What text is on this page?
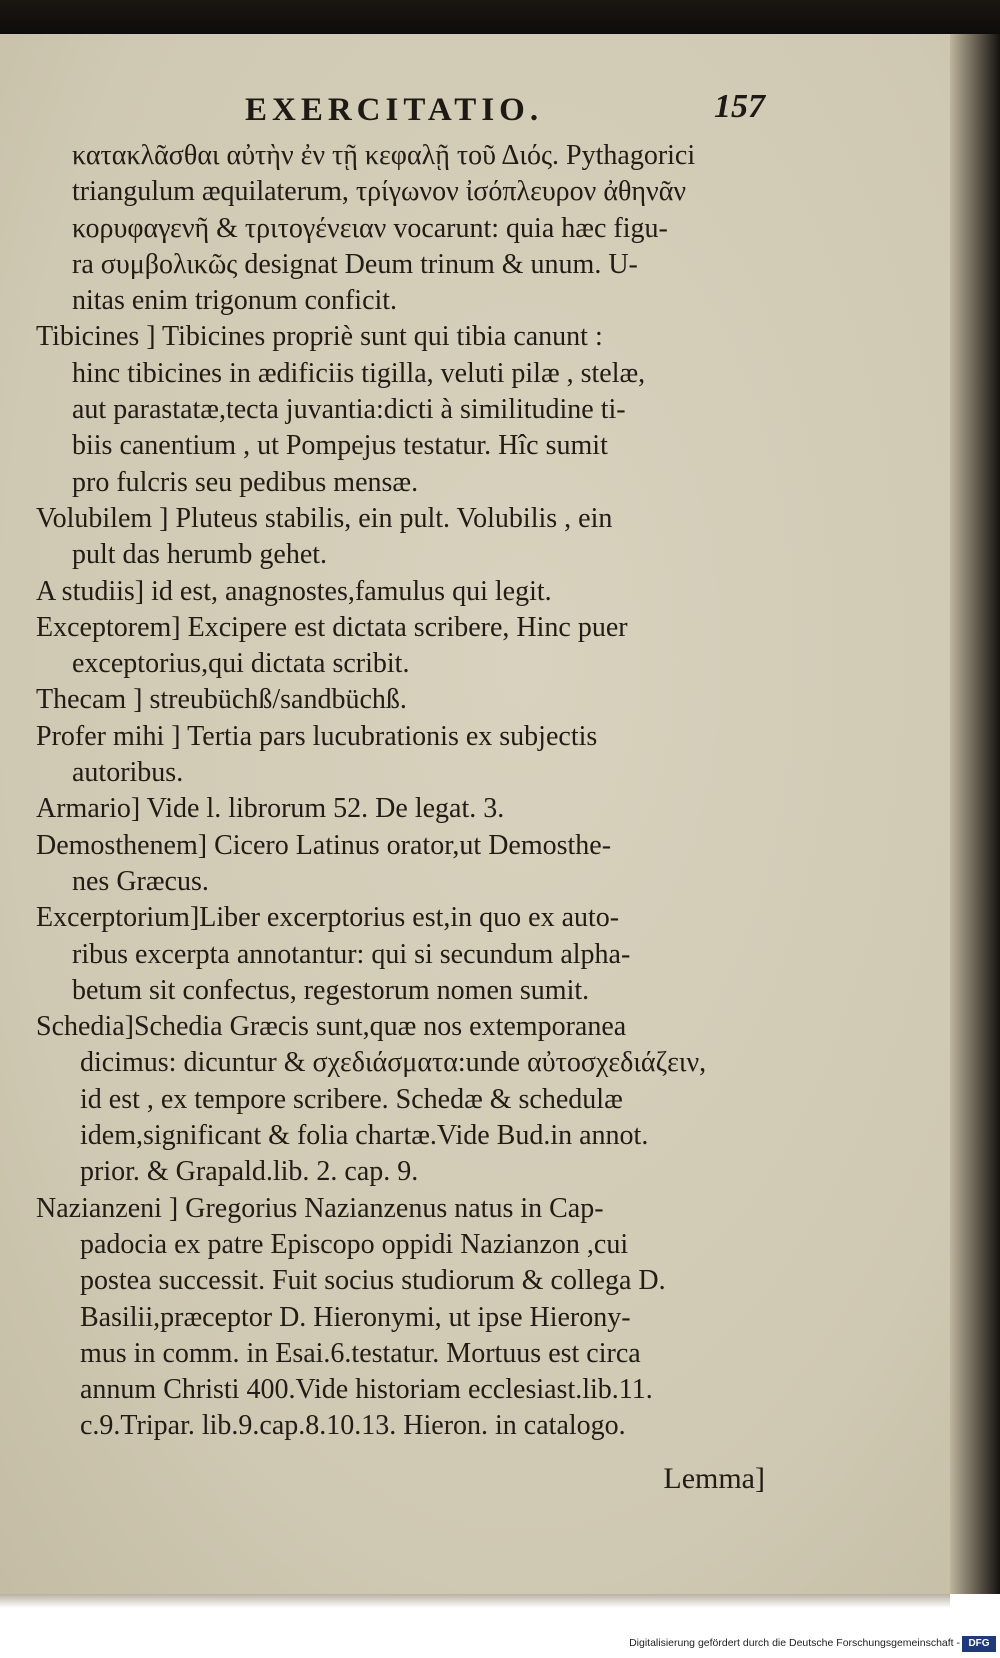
EXERCITATIO.	157
κατακλᾶσθαι αὐτὴν ἐν τῇ κεφαλῇ τοῦ Διός. Pythagorici
triangulum æquilaterum, τρίγωνον ἰσόπλευρον ἀθηνᾶν
κορυφαγενῆ & τριτογένειαν vocarunt: quia hæc figu-
ra συμβολικῶς designat Deum trinum & unum. U-
nitas enim trigonum conficit.
Tibicines ] Tibicines propriè sunt qui tibia canunt :
hinc tibicines in ædificiis tigilla, veluti pilæ , stelæ,
aut parastatæ,tecta juvantia:dicti à similitudine ti-
biis canentium , ut Pompejus testatur. Hîc sumit
pro fulcris seu pedibus mensæ.
Volubilem ] Pluteus stabilis, ein pult. Volubilis , ein
pult das herumb gehet.
A studiis] id est, anagnostes,famulus qui legit.
Exceptorem] Excipere est dictata scribere, Hinc puer
exceptorius,qui dictata scribit.
Thecam ] streubüchß/sandbüchß.
Profer mihi ] Tertia pars lucubrationis ex subjectis
autoribus.
Armario] Vide l. librorum 52. De legat. 3.
Demosthenem] Cicero Latinus orator,ut Demosthe-
nes Græcus.
Excerptorium]Liber excerptorius est,in quo ex auto-
ribus excerpta annotantur: qui si secundum alpha-
betum sit confectus, regestorum nomen sumit.
Schedia]Schedia Græcis sunt,quæ nos extemporanea
dicimus: dicuntur & σχεδιάσματα:unde αὐτοσχεδιάζειν,
id est , ex tempore scribere. Schedæ & schedulæ
idem,significant & folia chartæ.Vide Bud.in annot.
prior. & Grapald.lib. 2. cap. 9.
Nazianzeni ] Gregorius Nazianzenus natus in Cap-
padocia ex patre Episcopo oppidi Nazianzon ,cui
postea successit. Fuit socius studiorum & collega D.
Basilii,præceptor D. Hieronymi, ut ipse Hierony-
mus in comm. in Esai.6.testatur. Mortuus est circa
annum Christi 400.Vide historiam ecclesiast.lib.11.
c.9.Tripar. lib.9.cap.8.10.13. Hieron. in catalogo.
Lemma]
Digitalisierung gefördert durch die Deutsche Forschungsgemeinschaft - DFG
